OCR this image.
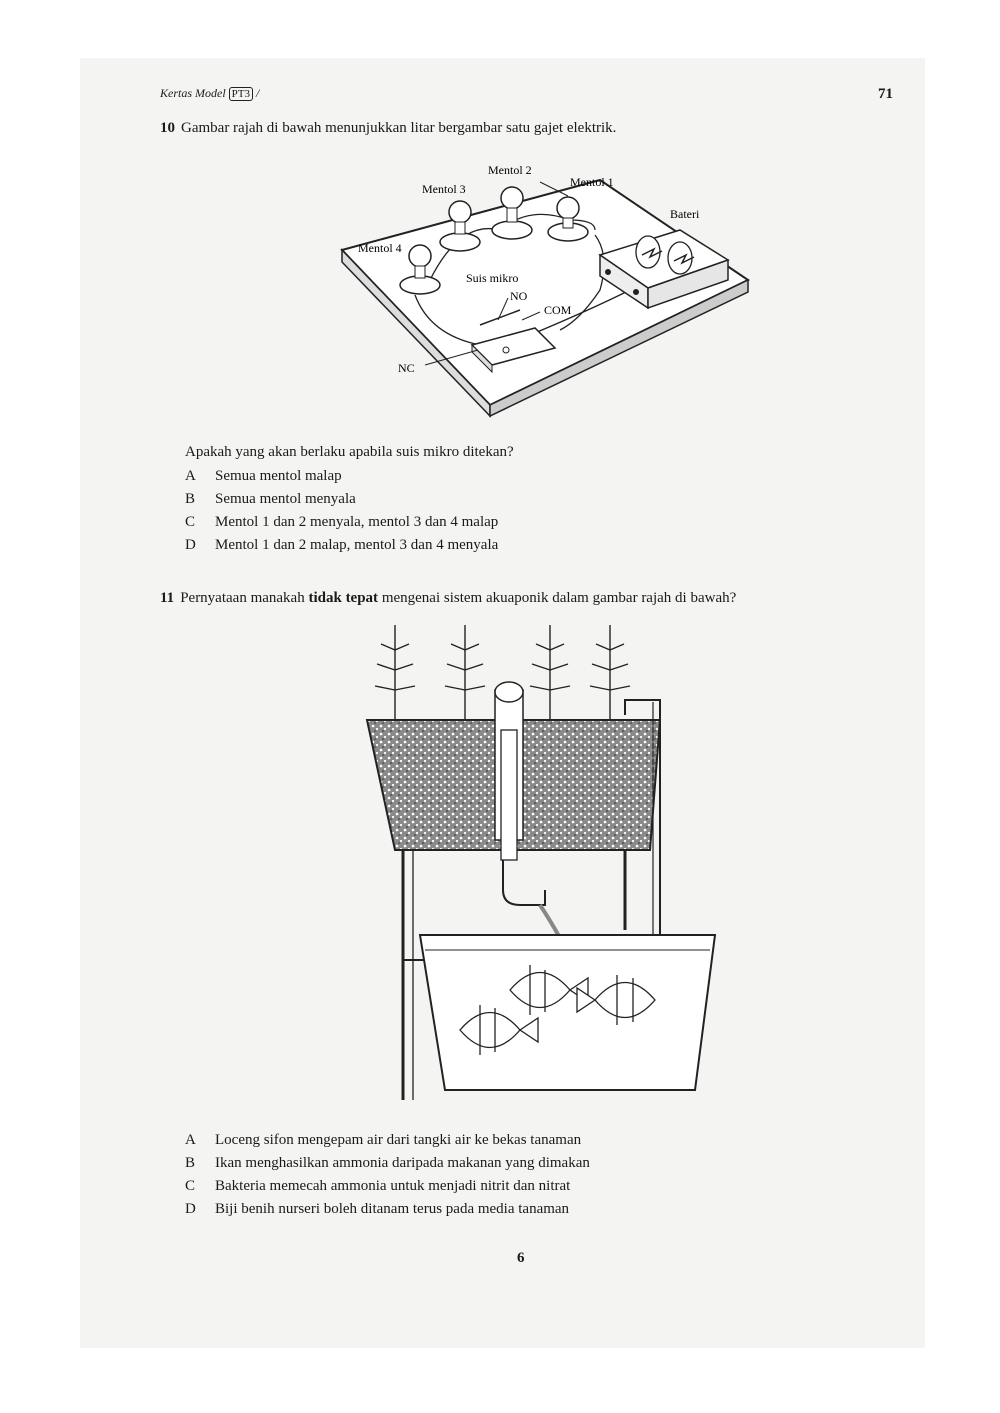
Kertas Model PT3 /	71
10 Gambar rajah di bawah menunjukkan litar bergambar satu gajet elektrik.
Mentol 2
Mentol 1
Mentol 3
Bateri
Mentol 4
Suis mikro
NO
COM
NC
Apakah yang akan berlaku apabila suis mikro ditekan?
A Semua mentol malap
B Semua mentol menyala
C Mentol 1 dan 2 menyala, mentol 3 dan 4 malap
D Mentol 1 dan 2 malap, mentol 3 dan 4 menyala
11 Pernyataan manakah tidak tepat mengenai sistem akuaponik dalam gambar rajah di bawah?
A Loceng sifon mengepam air dari tangki air ke bekas tanaman
B Ikan menghasilkan ammonia daripada makanan yang dimakan
C Bakteria memecah ammonia untuk menjadi nitrit dan nitrat
D Biji benih nurseri boleh ditanam terus pada media tanaman
6
